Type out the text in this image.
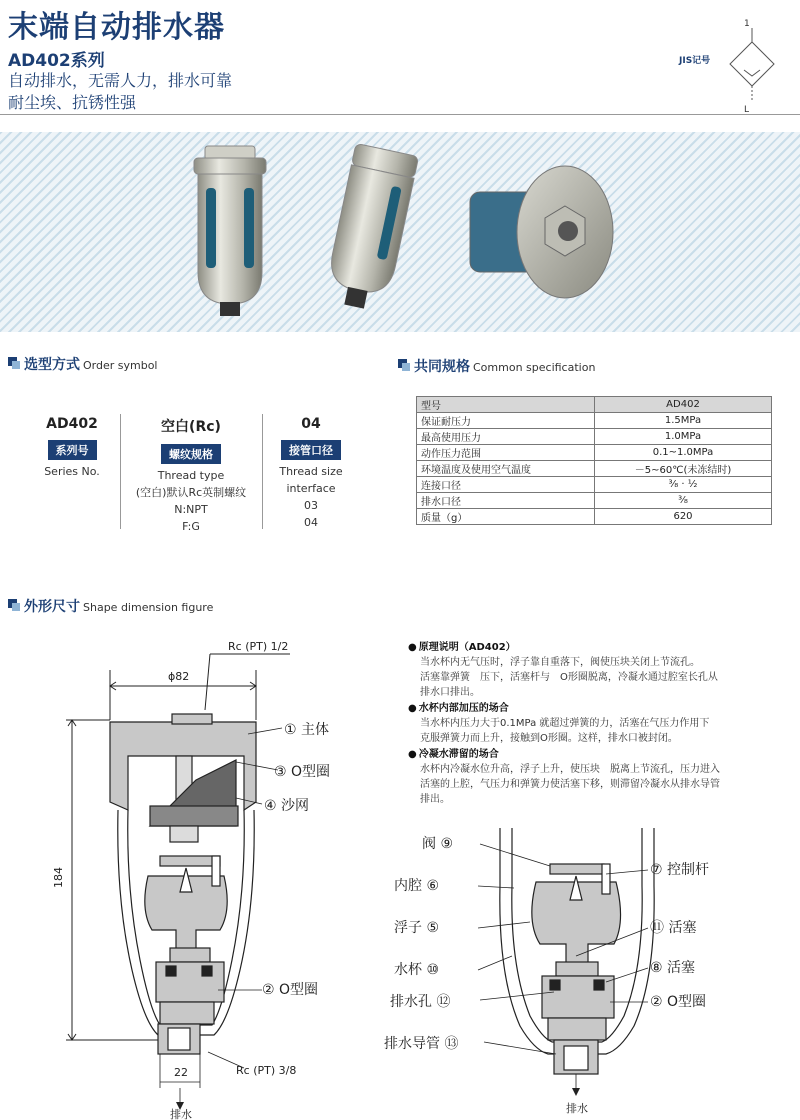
末端自动排水器
AD402系列
自动排水，无需人力，排水可靠
耐尘埃、抗锈性强
JIS记号
1
L
选型方式 Order symbol
AD402
系列号
Series No.
空白(Rc)
螺纹规格
Thread type
(空白)默认Rc英制螺纹
N:NPT
F:G
04
接管口径
Thread size
interface
03
04
共同规格 Common specification
型号	AD402
保证耐压力	1.5MPa
最高使用压力	1.0MPa
动作压力范围	0.1~1.0MPa
环境温度及使用空气温度	－5~60℃(未冻结时)
连接口径	³⁄₈ · ¹⁄₂
排水口径	³⁄₈
质量（g）	620
外形尺寸 Shape dimension figure
Rc (PT) 1/2
ϕ82
184
① 主体
③ O型圈
④ 沙网
② O型圈
22	Rc (PT) 3/8
排水
● 原理说明（AD402）

当水杯内无气压时，浮子靠自重落下，阀使压块关闭上节流孔。

活塞靠弹簧　压下，活塞杆与　O形圈脱离，冷凝水通过腔室长孔从

排水口排出。

● 水杯内部加压的场合

当水杯内压力大于0.1MPa 就超过弹簧的力，活塞在气压力作用下

克服弹簧力而上升，接触到O形圈。这样，排水口被封闭。

● 冷凝水滞留的场合

水杯内冷凝水位升高，浮子上升，使压块　脱离上节流孔，压力进入

活塞的上腔，气压力和弹簧力使活塞下移，则滞留冷凝水从排水导管

排出。

阀 ⑨
内腔 ⑥
浮子 ⑤
水杯 ⑩
排水孔 ⑫
排水导管 ⑬
⑦ 控制杆
⑪ 活塞
⑧ 活塞
② O型圈
排水
